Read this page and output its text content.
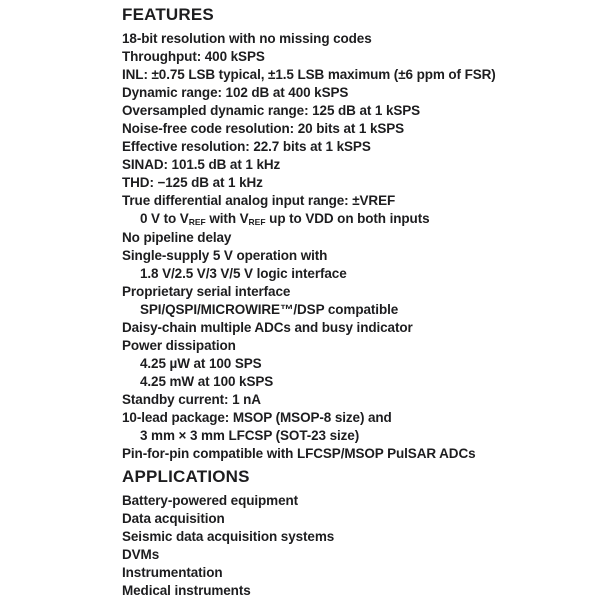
FEATURES
18-bit resolution with no missing codes
Throughput: 400 kSPS
INL: ±0.75 LSB typical, ±1.5 LSB maximum (±6 ppm of FSR)
Dynamic range: 102 dB at 400 kSPS
Oversampled dynamic range: 125 dB at 1 kSPS
Noise-free code resolution: 20 bits at 1 kSPS
Effective resolution: 22.7 bits at 1 kSPS
SINAD: 101.5 dB at 1 kHz
THD: −125 dB at 1 kHz
True differential analog input range: ±VREF
0 V to $V_{REF}$ with $V_{REF}$ up to VDD on both inputs
No pipeline delay
Single-supply 5 V operation with
1.8 V/2.5 V/3 V/5 V logic interface
Proprietary serial interface
SPI/QSPI/MICROWIRE™/DSP compatible
Daisy-chain multiple ADCs and busy indicator
Power dissipation
4.25 µW at 100 SPS
4.25 mW at 100 kSPS
Standby current: 1 nA
10-lead package: MSOP (MSOP-8 size) and
3 mm × 3 mm LFCSP (SOT-23 size)
Pin-for-pin compatible with LFCSP/MSOP PulSAR ADCs
APPLICATIONS
Battery-powered equipment
Data acquisition
Seismic data acquisition systems
DVMs
Instrumentation
Medical instruments
